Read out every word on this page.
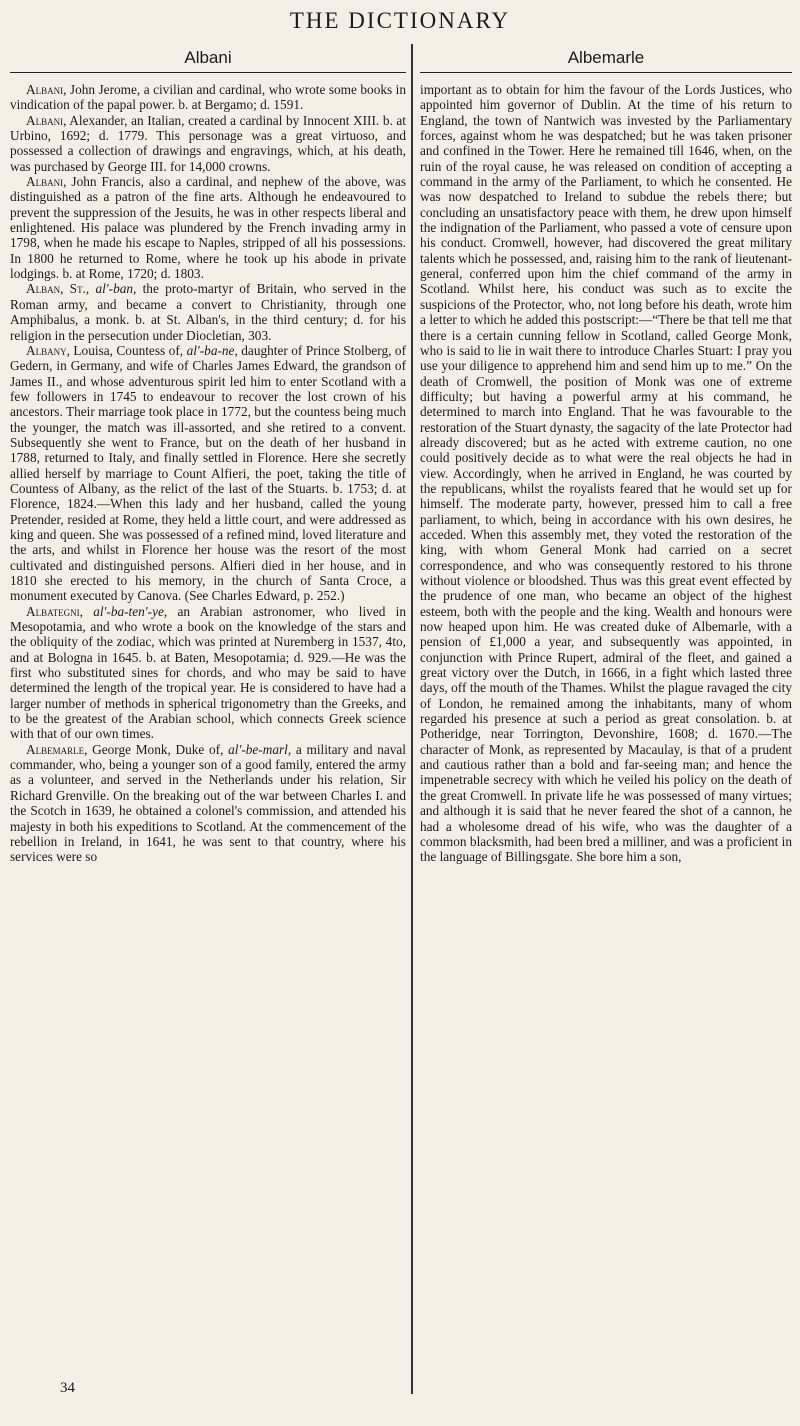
THE DICTIONARY
Albani	Albemarle

Albani, John Jerome, a civilian and cardinal, who wrote some books in vindication of the papal power. b. at Bergamo; d. 1591.

Albani, Alexander, an Italian, created a cardinal by Innocent XIII. b. at Urbino, 1692; d. 1779. This personage was a great virtuoso, and possessed a collection of drawings and engravings, which, at his death, was purchased by George III. for 14,000 crowns.

Albani, John Francis, also a cardinal, and nephew of the above, was distinguished as a patron of the fine arts. Although he endeavoured to prevent the suppression of the Jesuits, he was in other respects liberal and enlightened. His palace was plundered by the French invading army in 1798, when he made his escape to Naples, stripped of all his possessions. In 1800 he returned to Rome, where he took up his abode in private lodgings. b. at Rome, 1720; d. 1803.

Alban, St., al'-ban, the proto-martyr of Britain, who served in the Roman army, and became a convert to Christianity, through one Amphibalus, a monk. b. at St. Alban's, in the third century; d. for his religion in the persecution under Diocletian, 303.

Albany, Louisa, Countess of, al'-ba-ne, daughter of Prince Stolberg, of Gedern, in Germany, and wife of Charles James Edward, the grandson of James II., and whose adventurous spirit led him to enter Scotland with a few followers in 1745 to endeavour to recover the lost crown of his ancestors. Their marriage took place in 1772, but the countess being much the younger, the match was ill-assorted, and she retired to a convent. Subsequently she went to France, but on the death of her husband in 1788, returned to Italy, and finally settled in Florence. Here she secretly allied herself by marriage to Count Alfieri, the poet, taking the title of Countess of Albany, as the relict of the last of the Stuarts. b. 1753; d. at Florence, 1824.—When this lady and her husband, called the young Pretender, resided at Rome, they held a little court, and were addressed as king and queen. She was possessed of a refined mind, loved literature and the arts, and whilst in Florence her house was the resort of the most cultivated and distinguished persons. Alfieri died in her house, and in 1810 she erected to his memory, in the church of Santa Croce, a monument executed by Canova. (See Charles Edward, p. 252.)

Albategni, al'-ba-ten'-ye, an Arabian astronomer, who lived in Mesopotamia, and who wrote a book on the knowledge of the stars and the obliquity of the zodiac, which was printed at Nuremberg in 1537, 4to, and at Bologna in 1645. b. at Baten, Mesopotamia; d. 929.—He was the first who substituted sines for chords, and who may be said to have determined the length of the tropical year. He is considered to have had a larger number of methods in spherical trigonometry than the Greeks, and to be the greatest of the Arabian school, which connects Greek science with that of our own times.

Albemarle, George Monk, Duke of, al'-be-marl, a military and naval commander, who, being a younger son of a good family, entered the army as a volunteer, and served in the Netherlands under his relation, Sir Richard Grenville. On the breaking out of the war between Charles I. and the Scotch in 1639, he obtained a colonel's commission, and attended his majesty in both his expeditions to Scotland. At the commencement of the rebellion in Ireland, in 1641, he was sent to that country, where his services were so

important as to obtain for him the favour of the Lords Justices, who appointed him governor of Dublin. At the time of his return to England, the town of Nantwich was invested by the Parliamentary forces, against whom he was despatched; but he was taken prisoner and confined in the Tower. Here he remained till 1646, when, on the ruin of the royal cause, he was released on condition of accepting a command in the army of the Parliament, to which he consented. He was now despatched to Ireland to subdue the rebels there; but concluding an unsatisfactory peace with them, he drew upon himself the indignation of the Parliament, who passed a vote of censure upon his conduct. Cromwell, however, had discovered the great military talents which he possessed, and, raising him to the rank of lieutenant-general, conferred upon him the chief command of the army in Scotland. Whilst here, his conduct was such as to excite the suspicions of the Protector, who, not long before his death, wrote him a letter to which he added this postscript:—“There be that tell me that there is a certain cunning fellow in Scotland, called George Monk, who is said to lie in wait there to introduce Charles Stuart: I pray you use your diligence to apprehend him and send him up to me.” On the death of Cromwell, the position of Monk was one of extreme difficulty; but having a powerful army at his command, he determined to march into England. That he was favourable to the restoration of the Stuart dynasty, the sagacity of the late Protector had already discovered; but as he acted with extreme caution, no one could positively decide as to what were the real objects he had in view. Accordingly, when he arrived in England, he was courted by the republicans, whilst the royalists feared that he would set up for himself. The moderate party, however, pressed him to call a free parliament, to which, being in accordance with his own desires, he acceded. When this assembly met, they voted the restoration of the king, with whom General Monk had carried on a secret correspondence, and who was consequently restored to his throne without violence or bloodshed. Thus was this great event effected by the prudence of one man, who became an object of the highest esteem, both with the people and the king. Wealth and honours were now heaped upon him. He was created duke of Albemarle, with a pension of £1,000 a year, and subsequently was appointed, in conjunction with Prince Rupert, admiral of the fleet, and gained a great victory over the Dutch, in 1666, in a fight which lasted three days, off the mouth of the Thames. Whilst the plague ravaged the city of London, he remained among the inhabitants, many of whom regarded his presence at such a period as great consolation. b. at Potheridge, near Torrington, Devonshire, 1608; d. 1670.—The character of Monk, as represented by Macaulay, is that of a prudent and cautious rather than a bold and far-seeing man; and hence the impenetrable secrecy with which he veiled his policy on the death of the great Cromwell. In private life he was possessed of many virtues; and although it is said that he never feared the shot of a cannon, he had a wholesome dread of his wife, who was the daughter of a common blacksmith, had been bred a milliner, and was a proficient in the language of Billingsgate. She bore him a son,

34
